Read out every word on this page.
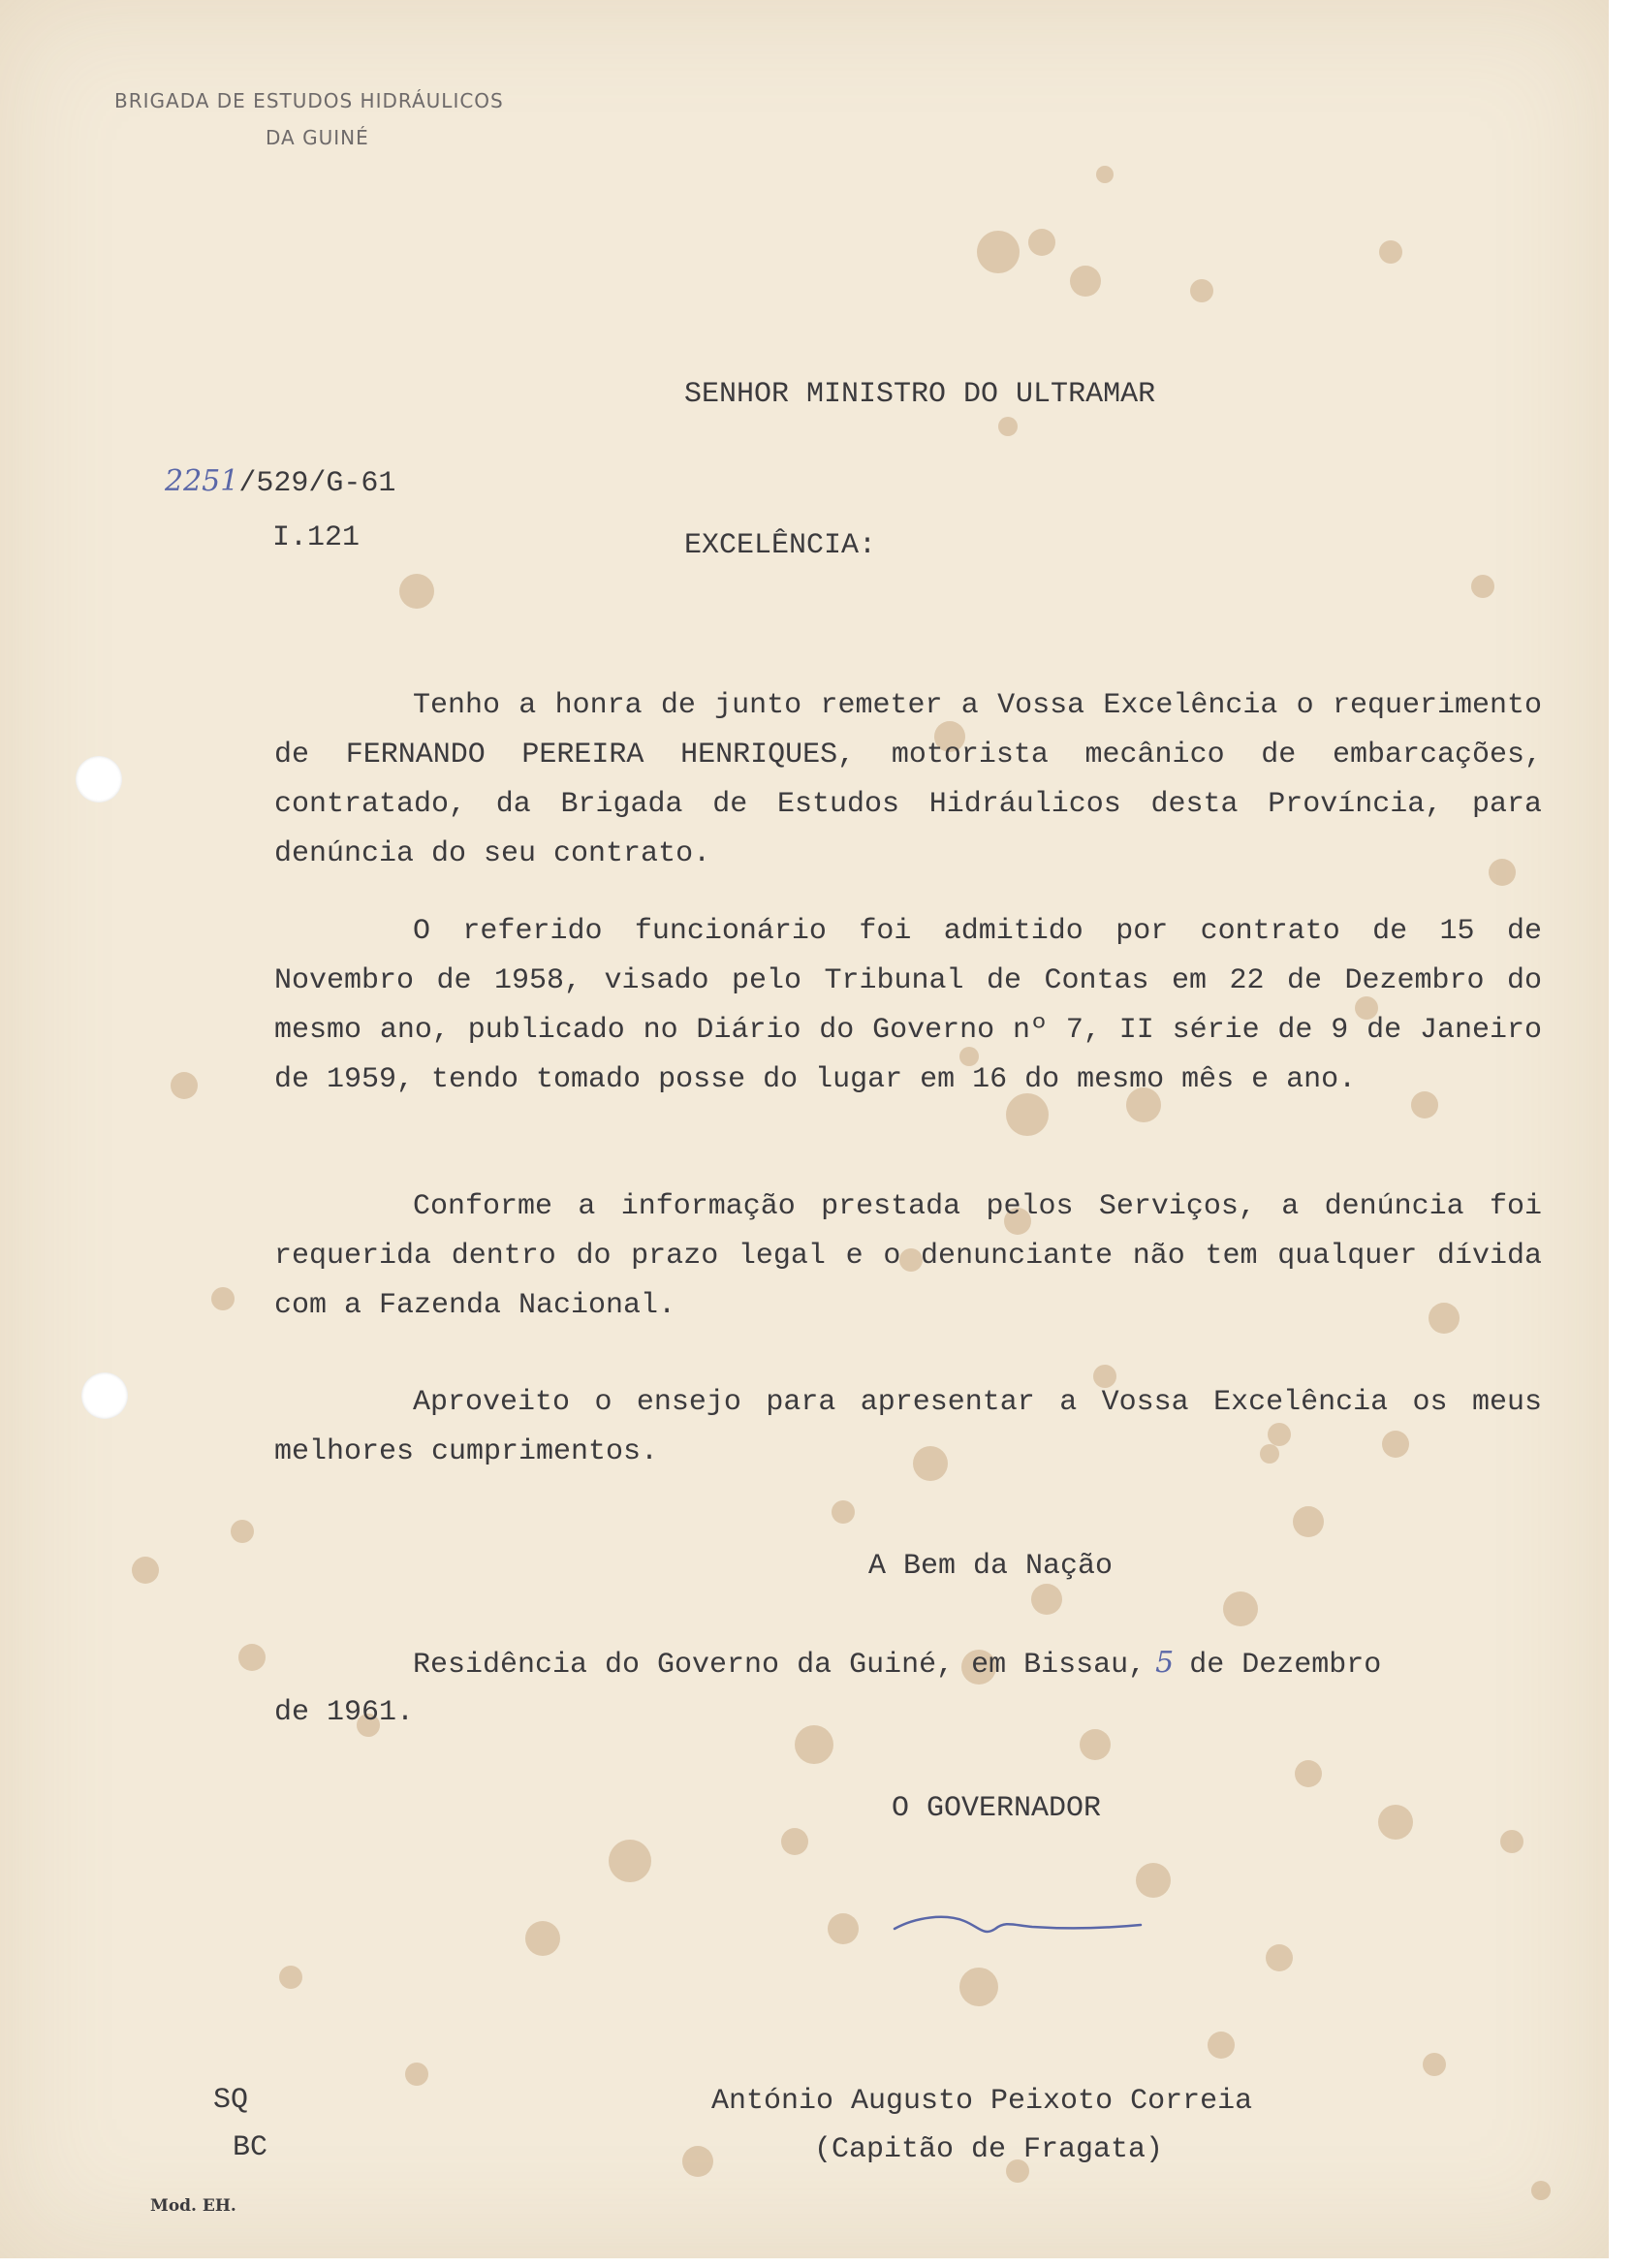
BRIGADA DE ESTUDOS HIDRÁULICOS
DA GUINÉ
SENHOR MINISTRO DO ULTRAMAR
2251/529/G-61
I.121	EXCELÊNCIA:

Tenho a honra de junto remeter a Vossa Excelência o requerimento de FERNANDO PEREIRA HENRIQUES, motorista mecânico de embarcações, contratado, da Brigada de Estudos Hidráulicos desta Província, para denúncia do seu contrato.

O referido funcionário foi admitido por contrato de 15 de Novembro de 1958, visado pelo Tribunal de Contas em 22 de Dezembro do mesmo ano, publicado no Diário do Governo nº 7, II série de 9 de Janeiro de 1959, tendo tomado posse do lugar em 16 do mesmo mês e ano.

Conforme a informação prestada pelos Serviços, a denúncia foi requerida dentro do prazo legal e o denunciante não tem qualquer dívida com a Fazenda Nacional.

Aproveito o ensejo para apresentar a Vossa Excelência os meus melhores cumprimentos.

A Bem da Nação
Residência do Governo da Guiné, em Bissau, 5 de Dezembro
de 1961.
O GOVERNADOR
SQ
BC
António Augusto Peixoto Correia
(Capitão de Fragata)
Mod. EH.
